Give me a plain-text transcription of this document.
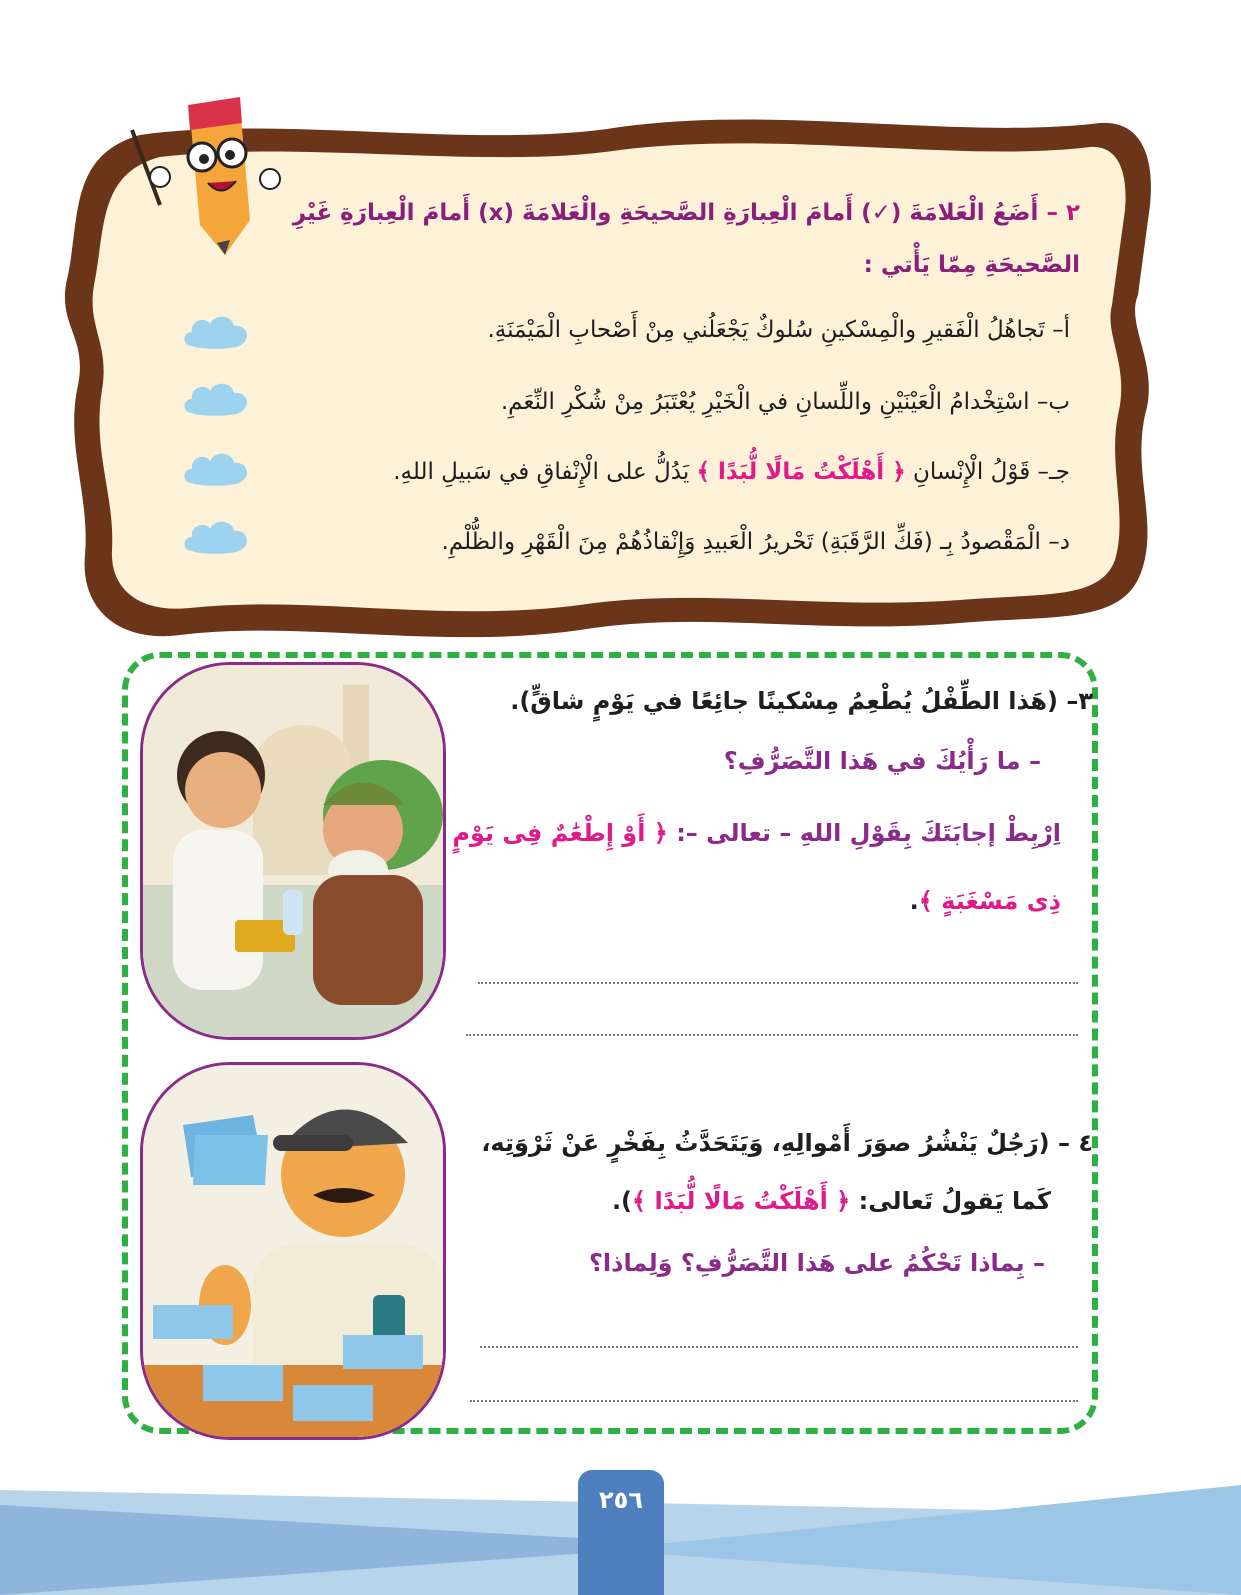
٢ – أَضَعُ الْعَلامَةَ (✓) أَمامَ الْعِبارَةِ الصَّحيحَةِ والْعَلامَةَ (x) أَمامَ الْعِبارَةِ غَيْرِ
الصَّحيحَةِ مِمّا يَأْتي :
أ– تَجاهُلُ الْفَقيرِ والْمِسْكينِ سُلوكٌ يَجْعَلُني مِنْ أَصْحابِ الْمَيْمَنَةِ.
ب– اسْتِخْدامُ الْعَيْنَيْنِ واللِّسانِ في الْخَيْرِ يُعْتَبَرُ مِنْ شُكْرِ النِّعَمِ.
جـ– قَوْلُ الْإِنْسانِ ﴿ أَهْلَكْتُ مَالًا لُّبَدًا ﴾ يَدُلُّ على الْإِنْفاقِ في سَبيلِ اللهِ.
د– الْمَقْصودُ بِـ (فَكِّ الرَّقَبَةِ) تَحْريرُ الْعَبيدِ وَإِنْقاذُهُمْ مِنَ الْقَهْرِ والظُّلْمِ.
٣– (هَذا الطِّفْلُ يُطْعِمُ مِسْكينًا جائِعًا في يَوْمٍ شاقٍّ).
– ما رَأْيُكَ في هَذا التَّصَرُّفِ؟
اِرْبِطْ إجابَتَكَ بِقَوْلِ اللهِ – تعالى –: ﴿ أَوْ إِطْعَٰمٌ فِى يَوْمٍ
ذِى مَسْغَبَةٍ ﴾.
٤ – (رَجُلٌ يَنْشُرُ صوَرَ أَمْوالِهِ، وَيَتَحَدَّثُ بِفَخْرٍ عَنْ ثَرْوَتِه،
كَما يَقولُ تَعالى: ﴿ أَهْلَكْتُ مَالًا لُّبَدًا ﴾).
– بِماذا تَحْكُمُ على هَذا التَّصَرُّفِ؟ وَلِماذا؟
٢٥٦
